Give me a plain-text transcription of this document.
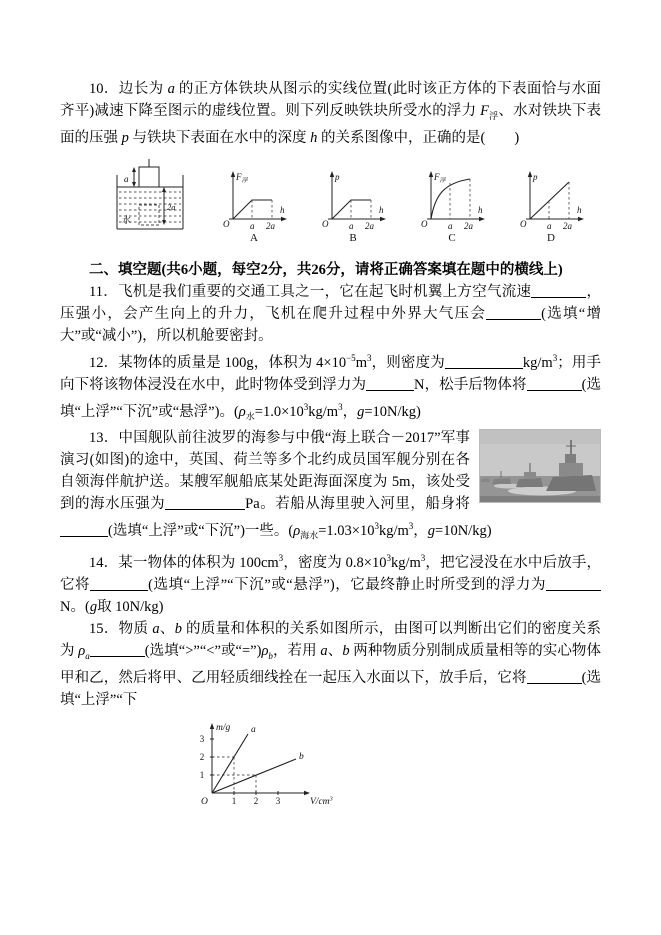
10．边长为 a 的正方体铁块从图示的实线位置(此时该正方体的下表面恰与水面齐平)减速下降至图示的虚线位置。则下列反映铁块所受水的浮力 $F_浮$、水对铁块下表面的压强 p 与铁块下表面在水中的深度 h 的关系图像中，正确的是(　　)

a
2a
水
$F_浮$
h
O a 2a
A
p
h
O a 2a
B
$F_浮$
h
O a 2a
C
p
h
O a 2a
D

二、填空题(共6小题，每空2分，共26分，请将正确答案填在题中的横线上)

11．飞机是我们重要的交通工具之一，它在起飞时机翼上方空气流速	，压强小，会产生向上的升力，飞机在爬升过程中外界大气压会	(选填“增大”或“减小”)，所以机舱要密封。

12．某物体的质量是 100g，体积为 $4\times 10^{-5}m^3$，则密度为	$kg/m^3$；用手向下将该物体浸没在水中，此时物体受到浮力为	N，松手后物体将	(选填“上浮”“下沉”或“悬浮”)。($\rho_水=1.0\times 10^3kg/m^3$，g=10N/kg)

13．中国舰队前往波罗的海参与中俄“海上联合－2017”军事演习(如图)的途中，英国、荷兰等多个北约成员国军舰分别在各自领海伴航护送。某艘军舰船底某处距海面深度为 5m，该处受到的海水压强为	Pa。若船从海里驶入河里，船身将(选填“上浮”或“下沉”)一些。($\rho_{海水}=1.03\times 10^3kg/m^3$，g=10N/kg)

14．某一物体的体积为 $100cm^3$，密度为 $0.8\times 10^3kg/m^3$，把它浸没在水中后放手，它将	(选填“上浮”“下沉”或“悬浮”)，它最终静止时所受到的浮力为N。(g取 10N/kg)

15．物质 a、b 的质量和体积的关系如图所示，由图可以判断出它们的密度关系为 $\rho_a$	(选填“>”“<”或“$=”)\rho_b$，若用 a、b 两种物质分别制成质量相等的实心物体甲和乙，然后将甲、乙用轻质细线拴在一起压入水面以下，放手后，它将	(选填“上浮”“下

O
m/g
$V/cm^3$
1
2
3
1 2 3
a
b
